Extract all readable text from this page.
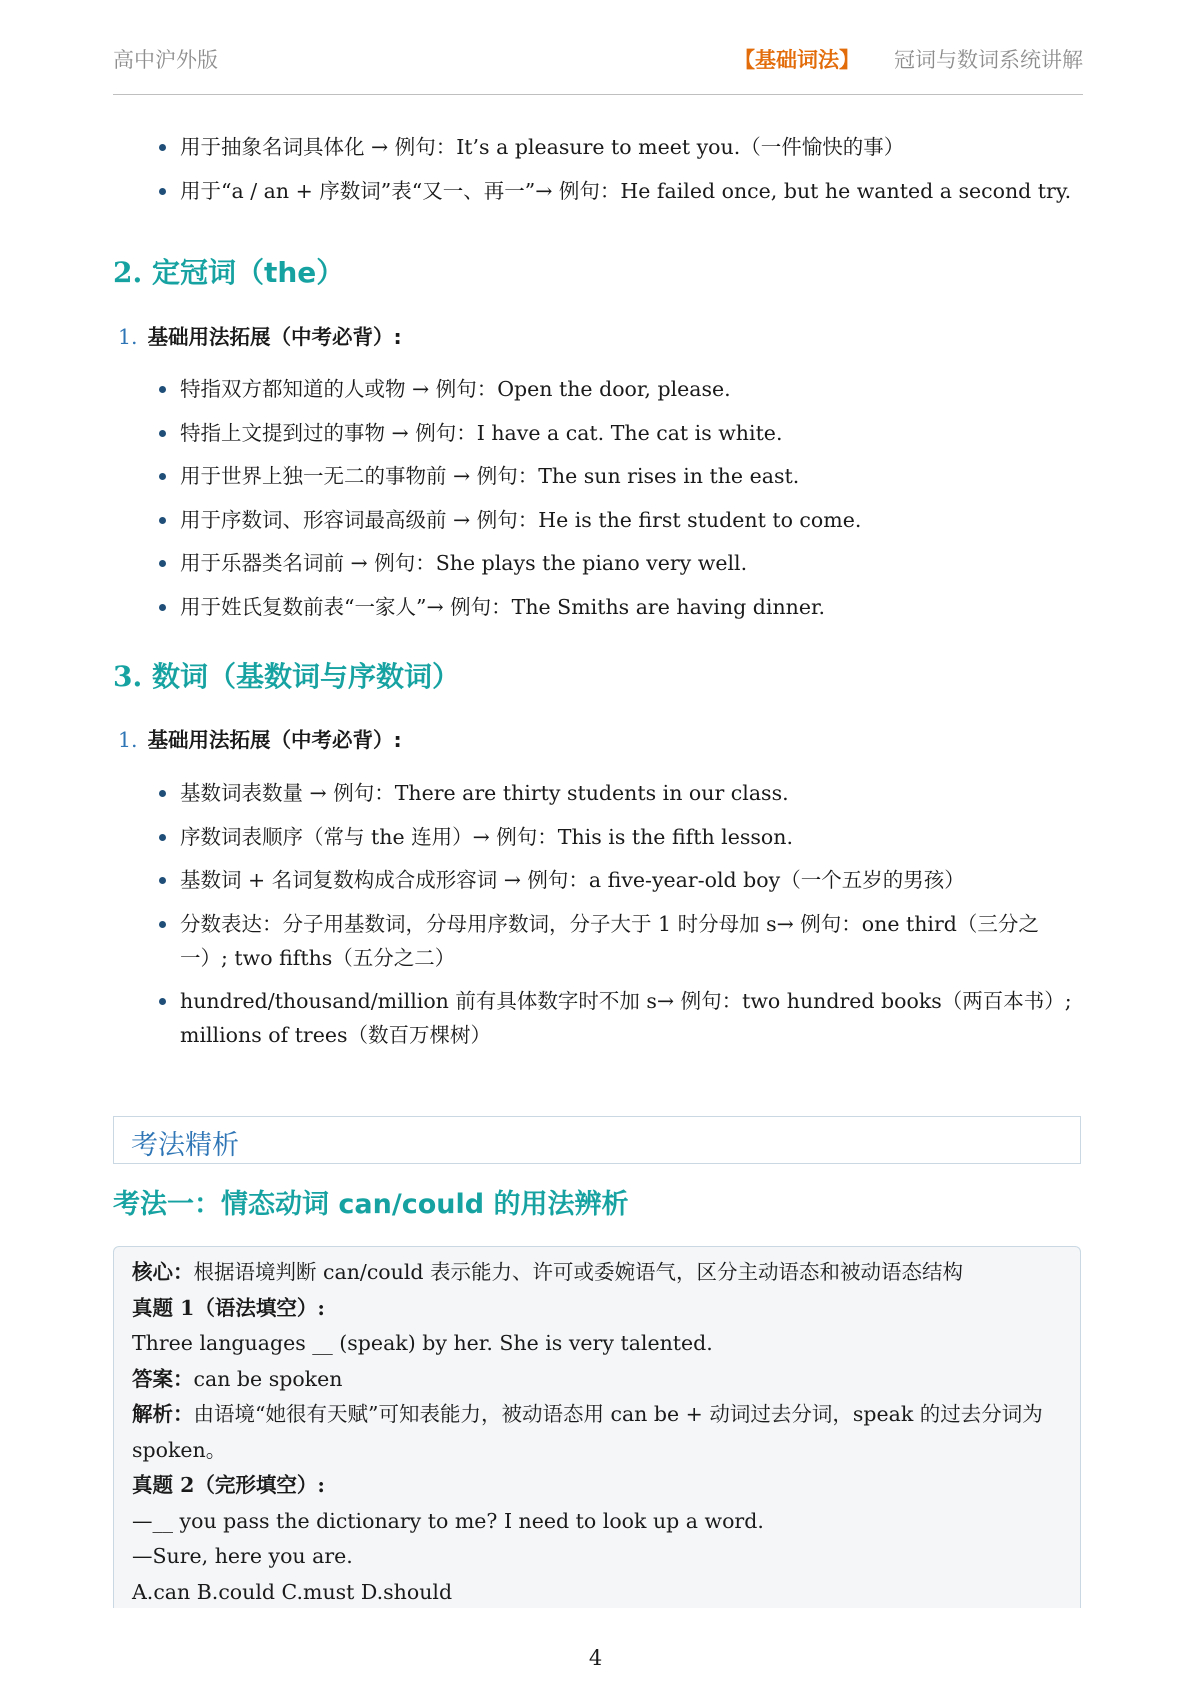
高中沪外版	【基础词法】 冠词与数词系统讲解
用于抽象名词具体化 → 例句：It’s a pleasure to meet you.（一件愉快的事）
用于“a / an + 序数词”表“又一、再一”→ 例句：He failed once, but he wanted a second try.
2. 定冠词（the）
1. 基础用法拓展（中考必背）:
特指双方都知道的人或物 → 例句：Open the door, please.
特指上文提到过的事物 → 例句：I have a cat. The cat is white.
用于世界上独一无二的事物前 → 例句：The sun rises in the east.
用于序数词、形容词最高级前 → 例句：He is the first student to come.
用于乐器类名词前 → 例句：She plays the piano very well.
用于姓氏复数前表“一家人”→ 例句：The Smiths are having dinner.
3. 数词（基数词与序数词）
1. 基础用法拓展（中考必背）:
基数词表数量 → 例句：There are thirty students in our class.
序数词表顺序（常与 the 连用）→ 例句：This is the fifth lesson.
基数词 + 名词复数构成合成形容词 → 例句：a five-year-old boy（一个五岁的男孩）
分数表达：分子用基数词，分母用序数词，分子大于 1 时分母加 s→ 例句：one third（三分之一）; two fifths（五分之二）
hundred/thousand/million 前有具体数字时不加 s→ 例句：two hundred books（两百本书）; millions of trees（数百万棵树）
考法精析
考法一：情态动词 can/could 的用法辨析

核心：根据语境判断 can/could 表示能力、许可或委婉语气，区分主动语态和被动语态结构

真题 1（语法填空）:

Three languages __ (speak) by her. She is very talented.

答案：can be spoken

解析：由语境“她很有天赋”可知表能力，被动语态用 can be + 动词过去分词，speak 的过去分词为 spoken。

真题 2（完形填空）:

—__ you pass the dictionary to me? I need to look up a word.

—Sure, here you are.

A.can B.could C.must D.should

4
